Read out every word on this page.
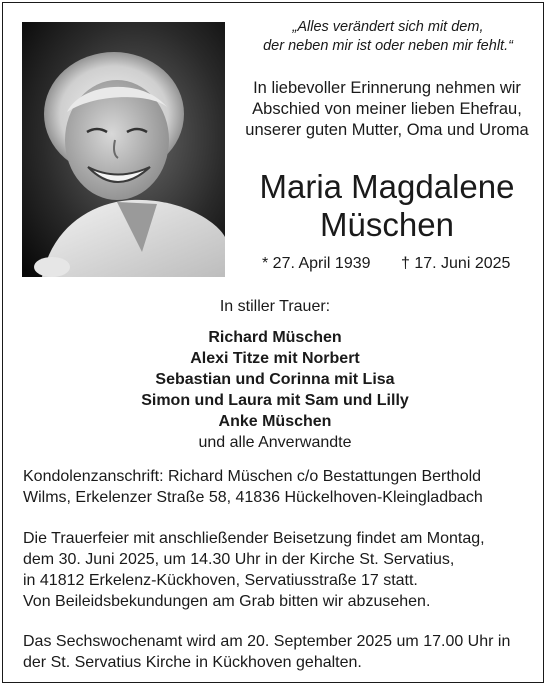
„Alles verändert sich mit dem,
der neben mir ist oder neben mir fehlt.“
In liebevoller Erinnerung nehmen wir
Abschied von meiner lieben Ehefrau,
unserer guten Mutter, Oma und Uroma
Maria Magdalene
Müschen
* 27. April 1939 † 17. Juni 2025
In stiller Trauer:
Richard Müschen
Alexi Titze mit Norbert
Sebastian und Corinna mit Lisa
Simon und Laura mit Sam und Lilly
Anke Müschen
und alle Anverwandte
Kondolenzanschrift: Richard Müschen c/o Bestattungen Berthold
Wilms, Erkelenzer Straße 58, 41836 Hückelhoven-Kleingladbach
Die Trauerfeier mit anschließender Beisetzung findet am Montag,
dem 30. Juni 2025, um 14.30 Uhr in der Kirche St. Servatius,
in 41812 Erkelenz-Kückhoven, Servatiusstraße 17 statt.
Von Beileidsbekundungen am Grab bitten wir abzusehen.
Das Sechswochenamt wird am 20. September 2025 um 17.00 Uhr in
der St. Servatius Kirche in Kückhoven gehalten.
